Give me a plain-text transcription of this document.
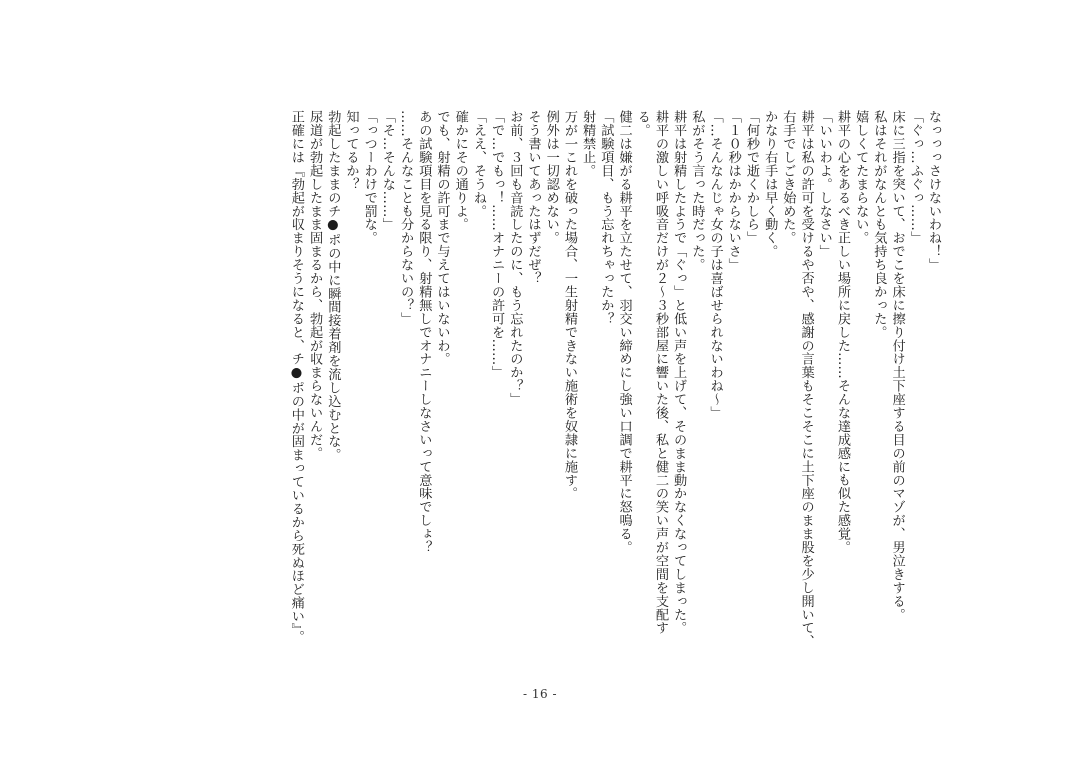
なっっっさけないわね！」
「ぐっ…ふぐっ……」
床に三指を突いて、おでこを床に擦り付け土下座する目の前のマゾが、男泣きする。
私はそれがなんとも気持ち良かった。
嬉しくてたまらない。
耕平の心をあるべき正しい場所に戻した……そんな達成感にも似た感覚。
「いいわよ。しなさい」
耕平は私の許可を受けるや否や、感謝の言葉もそこそこに土下座のまま股を少し開いて、
右手でしごき始めた。
かなり右手は早く動く。
「何秒で逝くかしら」
「１０秒はかからないさ」
「…そんなんじゃ女の子は喜ばせられないわね～」
私がそう言った時だった。
耕平は射精したようで「ぐっ」と低い声を上げて、そのまま動かなくなってしまった。
耕平の激しい呼吸音だけが２～３秒部屋に響いた後、私と健二の笑い声が空間を支配す
る。
健二は嫌がる耕平を立たせて、羽交い締めにし強い口調で耕平に怒鳴る。
「試験項目、もう忘れちゃったか？
射精禁止。
万が一これを破った場合、一生射精できない施術を奴隷に施す。
例外は一切認めない。
そう書いてあったはずだぜ？
お前、３回も音読したのに、もう忘れたのか？」
「で…でもっ！……オナニーの許可を……」
「ええ、そうね。
確かにその通りよ。
でも、射精の許可まで与えてはいないわ。
あの試験項目を見る限り、射精無しでオナニーしなさいって意味でしょ？
……そんなことも分からないの？」
「そ…そんな……」
「っつーわけで罰な。
知ってるか？
勃起したままのチ●ポの中に瞬間接着剤を流し込むとな。
尿道が勃起したまま固まるから、勃起が収まらないんだ。
正確には『勃起が収まりそうになると、チ●ポの中が固まっているから死ぬほど痛い』。
- 16 -
